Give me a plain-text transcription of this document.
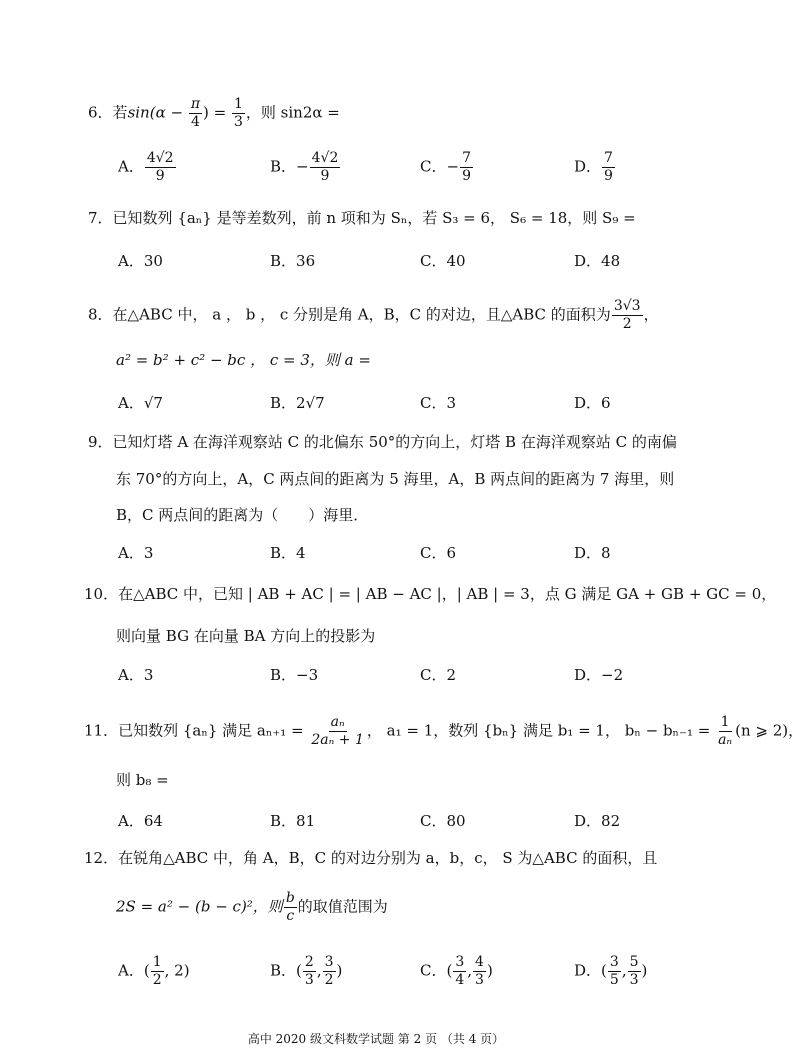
6．若$\sin(\alpha - \frac{\pi}{4}$ ) = $\frac{1}{3}$ ，则 sin2α =
A． $\frac{4√2}{9}$	B．− $\frac{4√2}{9}$	C．− $\frac{7}{9}$	D． $\frac{7}{9}$
7．已知数列 {aₙ} 是等差数列，前 n 项和为 Sₙ，若 S₃ = 6， S₆ = 18，则 S₉ =
A．30	B．36	C．40	D．48
8．在△ABC 中， a ， b ， c 分别是角 A，B，C 的对边，且△ABC 的面积为 $\frac{3√3}{2}$ ，
a² = b² + c² − bc ， c = 3，则 a =
A．√7	B．2√7	C．3	D．6
9．已知灯塔 A 在海洋观察站 C 的北偏东 50°的方向上，灯塔 B 在海洋观察站 C 的南偏
东 70°的方向上，A，C 两点间的距离为 5 海里，A，B 两点间的距离为 7 海里，则
B，C 两点间的距离为（　　）海里．
A．3	B．4	C．6	D．8
10．在△ABC 中，已知 | AB + AC | = | AB − AC |，| AB | = 3，点 G 满足 GA + GB + GC = 0，
则向量 BG 在向量 BA 方向上的投影为
A．3	B．−3	C．2	D．−2
11．已知数列 {aₙ} 满足 $a_{n+1} = \frac{\text{aₙ}}{\text{2aₙ + 1}}$ ， a₁ = 1，数列 {bₙ} 满足 b₁ = 1， $b_n - b_{n-1} = \frac{1}{\text{aₙ}} (n$ ⩾ 2)，
则 b₈ =
A．64	B．81	C．80	D．82
12．在锐角△ABC 中，角 A，B，C 的对边分别为 a，b，c， S 为△ABC 的面积，且
2S = a² − (b − c)²，则 $\frac{b}{c}$ 的取值范围为
A．( $\frac{1}{2}$ , 2)	B．( $\frac{2}{3}$ , $\frac{3}{2}$ )	C．( $\frac{3}{4}$ , $\frac{4}{3}$ )	D．( $\frac{3}{5}$ , $\frac{5}{3}$ )
高中 2020 级文科数学试题 第 2 页 （共 4 页）
